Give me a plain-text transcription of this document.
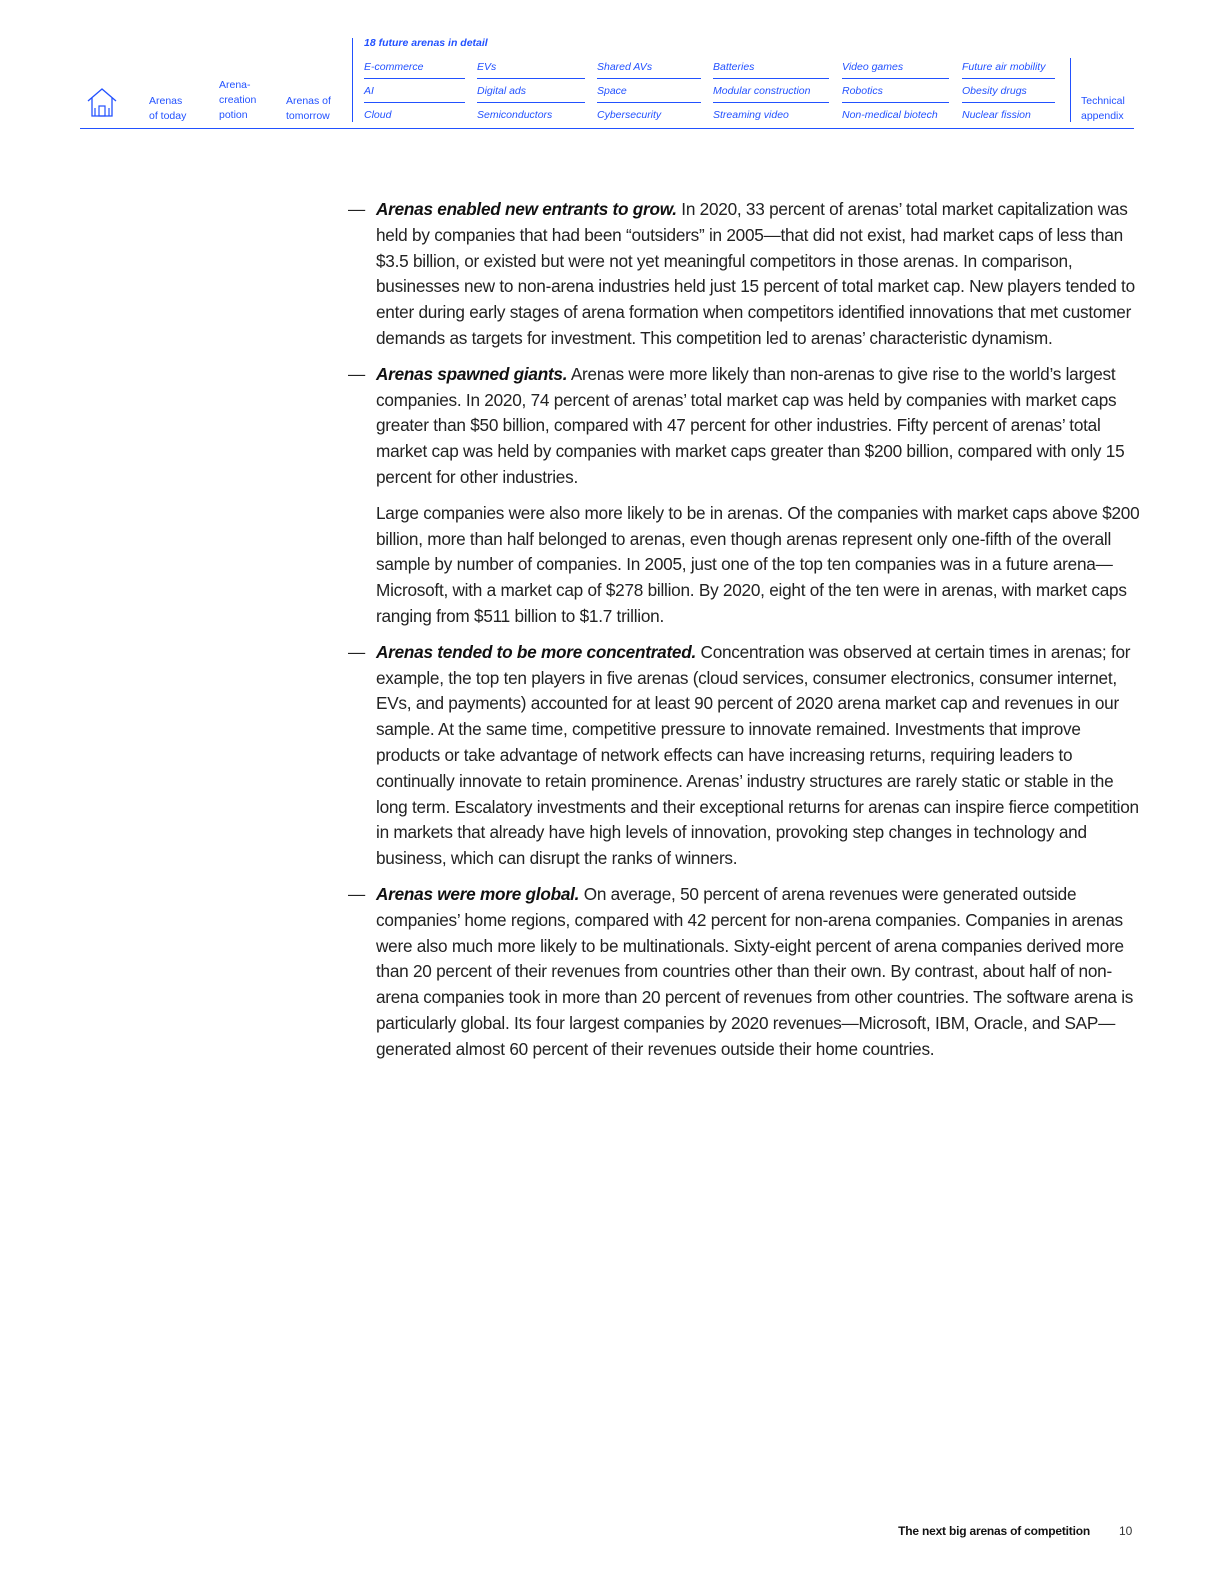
Arenas
of today
Arena-
creation
potion
Arenas of
tomorrow
18 future arenas in detail
E-commerce
AI
Cloud
EVs
Digital ads
Semiconductors
Shared AVs
Space
Cybersecurity
Batteries
Modular construction
Streaming video
Video games
Robotics
Non-medical biotech
Future air mobility
Obesity drugs
Nuclear fission
Technical
appendix
— Arenas enabled new entrants to grow. In 2020, 33 percent of arenas’ total market capitalization was held by companies that had been “outsiders” in 2005—that did not exist, had market caps of less than $3.5 billion, or existed but were not yet meaningful competitors in those arenas. In comparison, businesses new to non-arena industries held just 15 percent of total market cap. New players tended to enter during early stages of arena formation when competitors identified innovations that met customer demands as targets for investment. This competition led to arenas’ characteristic dynamism.

— Arenas spawned giants. Arenas were more likely than non-arenas to give rise to the world’s largest companies. In 2020, 74 percent of arenas’ total market cap was held by companies with market caps greater than $50 billion, compared with 47 percent for other industries. Fifty percent of arenas’ total market cap was held by companies with market caps greater than $200 billion, compared with only 15 percent for other industries.

Large companies were also more likely to be in arenas. Of the companies with market caps above $200 billion, more than half belonged to arenas, even though arenas represent only one-fifth of the overall sample by number of companies. In 2005, just one of the top ten companies was in a future arena—Microsoft, with a market cap of $278 billion. By 2020, eight of the ten were in arenas, with market caps ranging from $511 billion to $1.7 trillion.

— Arenas tended to be more concentrated. Concentration was observed at certain times in arenas; for example, the top ten players in five arenas (cloud services, consumer electronics, consumer internet, EVs, and payments) accounted for at least 90 percent of 2020 arena market cap and revenues in our sample. At the same time, competitive pressure to innovate remained. Investments that improve products or take advantage of network effects can have increasing returns, requiring leaders to continually innovate to retain prominence. Arenas’ industry structures are rarely static or stable in the long term. Escalatory investments and their exceptional returns for arenas can inspire fierce competition in markets that already have high levels of innovation, provoking step changes in technology and business, which can disrupt the ranks of winners.

— Arenas were more global. On average, 50 percent of arena revenues were generated outside companies’ home regions, compared with 42 percent for non-arena companies. Companies in arenas were also much more likely to be multinationals. Sixty-eight percent of arena companies derived more than 20 percent of their revenues from countries other than their own. By contrast, about half of non-arena companies took in more than 20 percent of revenues from other countries. The software arena is particularly global. Its four largest companies by 2020 revenues—Microsoft, IBM, Oracle, and SAP—generated almost 60 percent of their revenues outside their home countries.

The next big arenas of competition 10
